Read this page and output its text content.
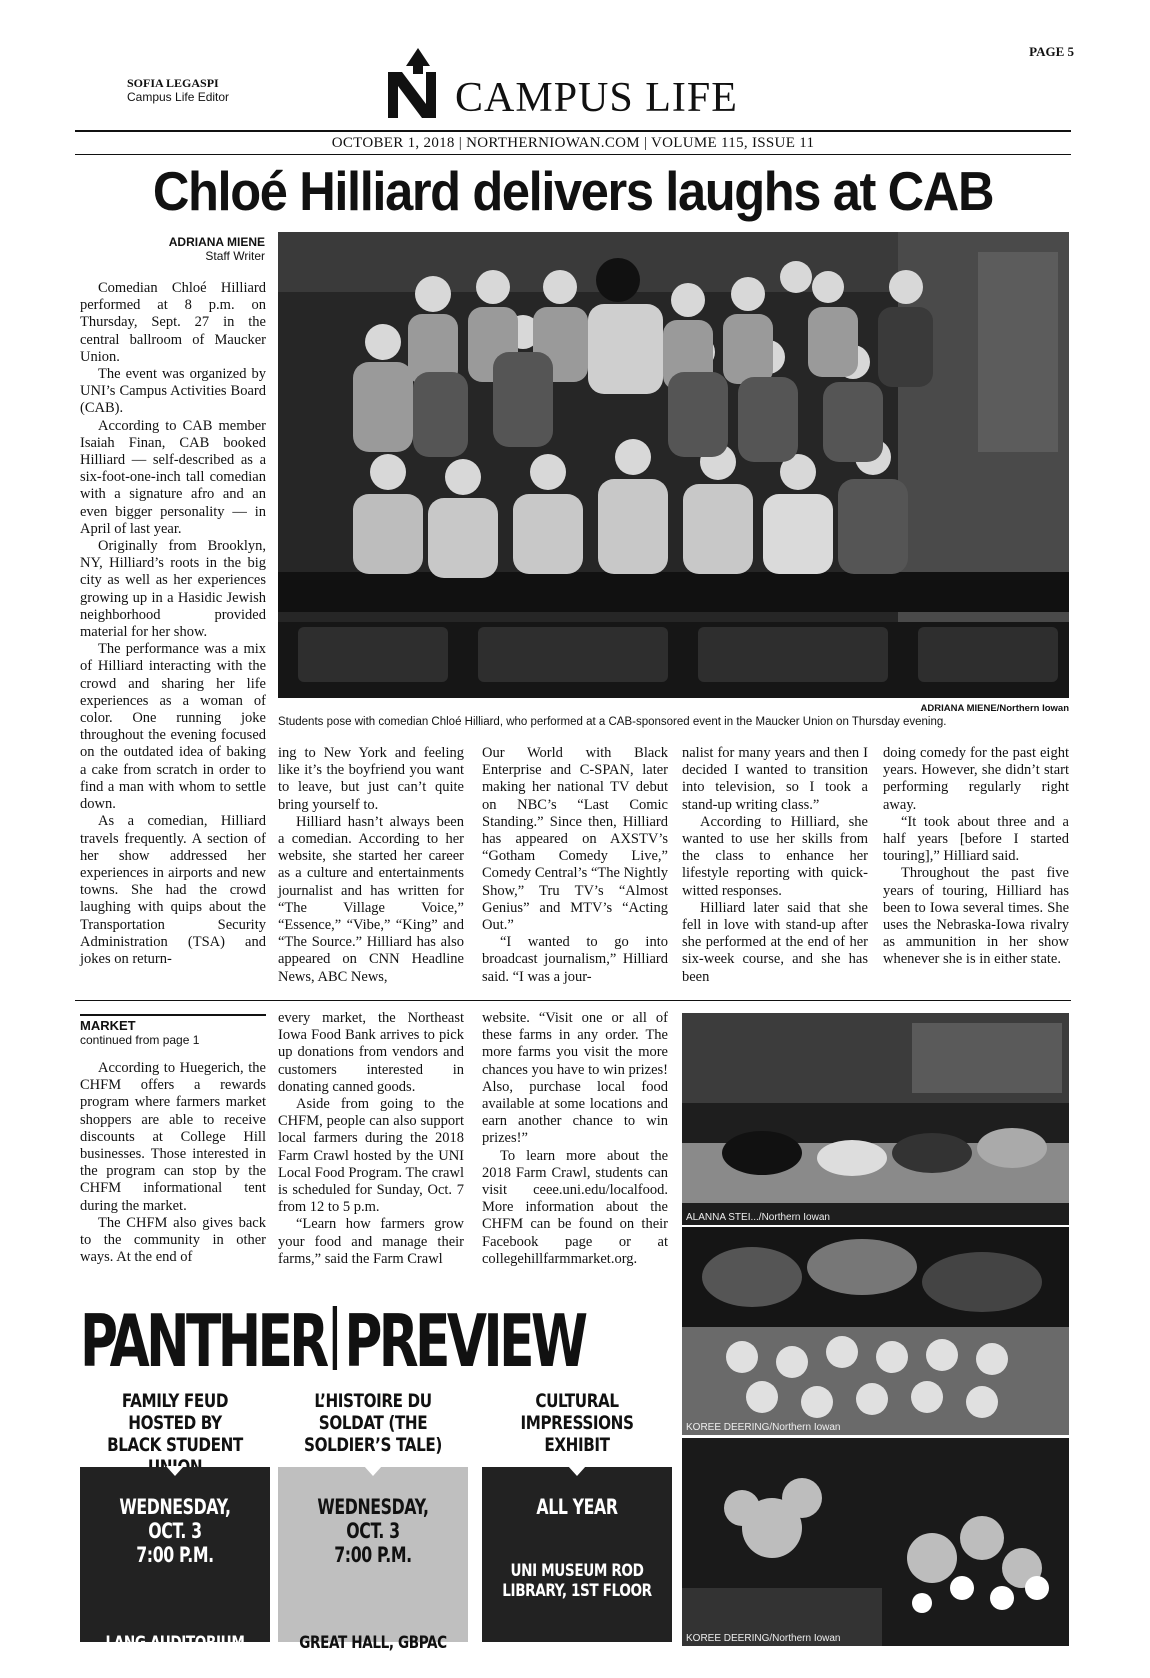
PAGE 5
SOFIA LEGASPI
Campus Life Editor	CAMPUS LIFE
OCTOBER 1, 2018 | NORTHERNIOWAN.COM | VOLUME 115, ISSUE 11
Chloé Hilliard delivers laughs at CAB
ADRIANA MIENE
Staff Writer

Comedian Chloé Hilliard performed at 8 p.m. on Thursday, Sept. 27 in the central ballroom of Maucker Union.

The event was organized by UNI’s Campus Activities Board (CAB).

According to CAB member Isaiah Finan, CAB booked Hilliard — self-described as a six-foot-one-inch tall comedian with a signature afro and an even bigger personality — in April of last year.

Originally from Brooklyn, NY, Hilliard’s roots in the big city as well as her experiences growing up in a Hasidic Jewish neighborhood provided material for her show.

The performance was a mix of Hilliard interacting with the crowd and sharing her life experiences as a woman of color. One running joke throughout the evening focused on the outdated idea of baking a cake from scratch in order to find a man with whom to settle down.

As a comedian, Hilliard travels frequently. A section of her show addressed her experiences in airports and new towns. She had the crowd laughing with quips about the Transportation Security Administration (TSA) and jokes on return-

ADRIANA MIENE/Northern Iowan
Students pose with comedian Chloé Hilliard, who performed at a CAB-sponsored event in the Maucker Union on Thursday evening.

ing to New York and feeling like it’s the boyfriend you want to leave, but just can’t quite bring yourself to.

Hilliard hasn’t always been a comedian. According to her website, she started her career as a culture and entertainments journalist and has written for “The Village Voice,” “Essence,” “Vibe,” “King” and “The Source.” Hilliard has also appeared on CNN Headline News, ABC News,

Our World with Black Enterprise and C-SPAN, later making her national TV debut on NBC’s “Last Comic Standing.” Since then, Hilliard has appeared on AXSTV’s “Gotham Comedy Live,” Comedy Central’s “The Nightly Show,” Tru TV’s “Almost Genius” and MTV’s “Acting Out.”

“I wanted to go into broadcast journalism,” Hilliard said. “I was a jour-

nalist for many years and then I decided I wanted to transition into television, so I took a stand-up writing class.”

According to Hilliard, she wanted to use her skills from the class to enhance her lifestyle reporting with quick-witted responses.

Hilliard later said that she fell in love with stand-up after she performed at the end of her six-week course, and she has been

doing comedy for the past eight years. However, she didn’t start performing regularly right away.

“It took about three and a half years [before I started touring],” Hilliard said.

Throughout the past five years of touring, Hilliard has been to Iowa several times. She uses the Nebraska-Iowa rivalry as ammunition in her show whenever she is in either state.

MARKET
continued from page 1

According to Huegerich, the CHFM offers a rewards program where farmers market shoppers are able to receive discounts at College Hill businesses. Those interested in the program can stop by the CHFM informational tent during the market.

The CHFM also gives back to the community in other ways. At the end of

every market, the Northeast Iowa Food Bank arrives to pick up donations from vendors and customers interested in donating canned goods.

Aside from going to the CHFM, people can also support local farmers during the 2018 Farm Crawl hosted by the UNI Local Food Program. The crawl is scheduled for Sunday, Oct. 7 from 12 to 5 p.m.

“Learn how farmers grow your food and manage their farms,” said the Farm Crawl

website. “Visit one or all of these farms in any order. The more farms you visit the more chances you have to win prizes! Also, purchase local food available at some locations and earn another chance to win prizes!”

To learn more about the 2018 Farm Crawl, students can visit ceee.uni.edu/localfood. More information about the CHFM can be found on their Facebook page or at collegehillfarmmarket.org.

ALANNA STEI.../Northern Iowan
KOREE DEERING/Northern Iowan
KOREE DEERING/Northern Iowan
PANTHER PREVIEW
FAMILY FEUD HOSTED BY BLACK STUDENT
WEDNESDAY, OCT. 3
7:00 P.M.
LANG AUDITORIUM
L’HISTOIRE DU SOLDAT (THE SOLDIER’S TALE)
WEDNESDAY, OCT. 3
7:00 P.M.
GREAT HALL, GBPAC
CULTURAL IMPRESSIONS EXHIBIT
ALL YEAR
UNI MUSEUM ROD LIBRARY, 1ST FLOOR
